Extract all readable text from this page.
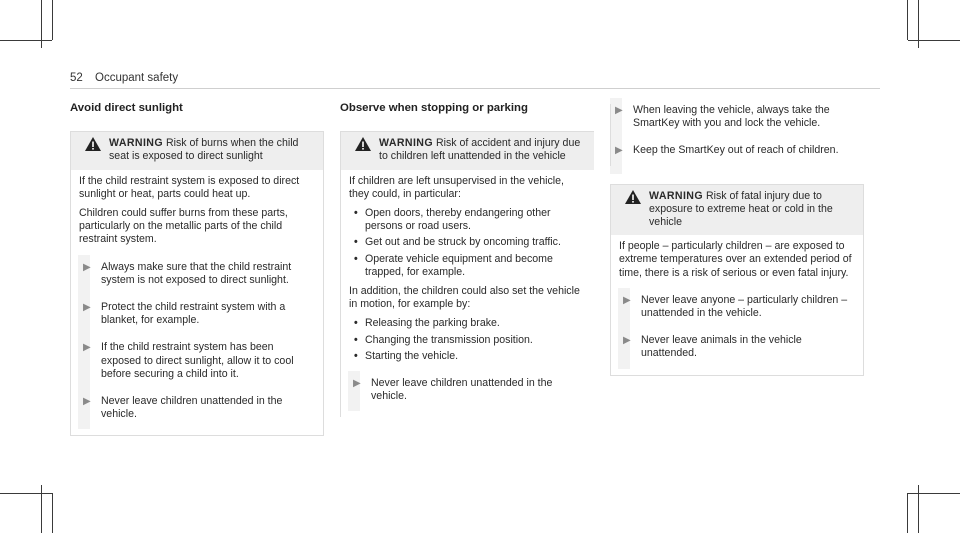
52 Occupant safety
Avoid direct sunlight
WARNING Risk of burns when the child seat is exposed to direct sunlight

If the child restraint system is exposed to direct sunlight or heat, parts could heat up.

Children could suffer burns from these parts, particularly on the metallic parts of the child restraint system.

▶ Always make sure that the child restraint system is not exposed to direct sunlight.
▶ Protect the child restraint system with a blanket, for example.
▶ If the child restraint system has been exposed to direct sunlight, allow it to cool before securing a child into it.
▶ Never leave children unattended in the vehicle.
Observe when stopping or parking
WARNING Risk of accident and injury due to children left unattended in the vehicle

If children are left unsupervised in the vehicle, they could, in particular:

• Open doors, thereby endangering other persons or road users.
• Get out and be struck by oncoming traffic.
• Operate vehicle equipment and become trapped, for example.

In addition, the children could also set the vehicle in motion, for example by:

• Releasing the parking brake.
• Changing the transmission position.
• Starting the vehicle.
▶ Never leave children unattended in the vehicle.
▶ When leaving the vehicle, always take the SmartKey with you and lock the vehicle.
▶ Keep the SmartKey out of reach of children.
WARNING Risk of fatal injury due to exposure to extreme heat or cold in the vehicle

If people – particularly children – are exposed to extreme temperatures over an extended period of time, there is a risk of serious or even fatal injury.

▶ Never leave anyone – particularly children – unattended in the vehicle.
▶ Never leave animals in the vehicle unattended.
